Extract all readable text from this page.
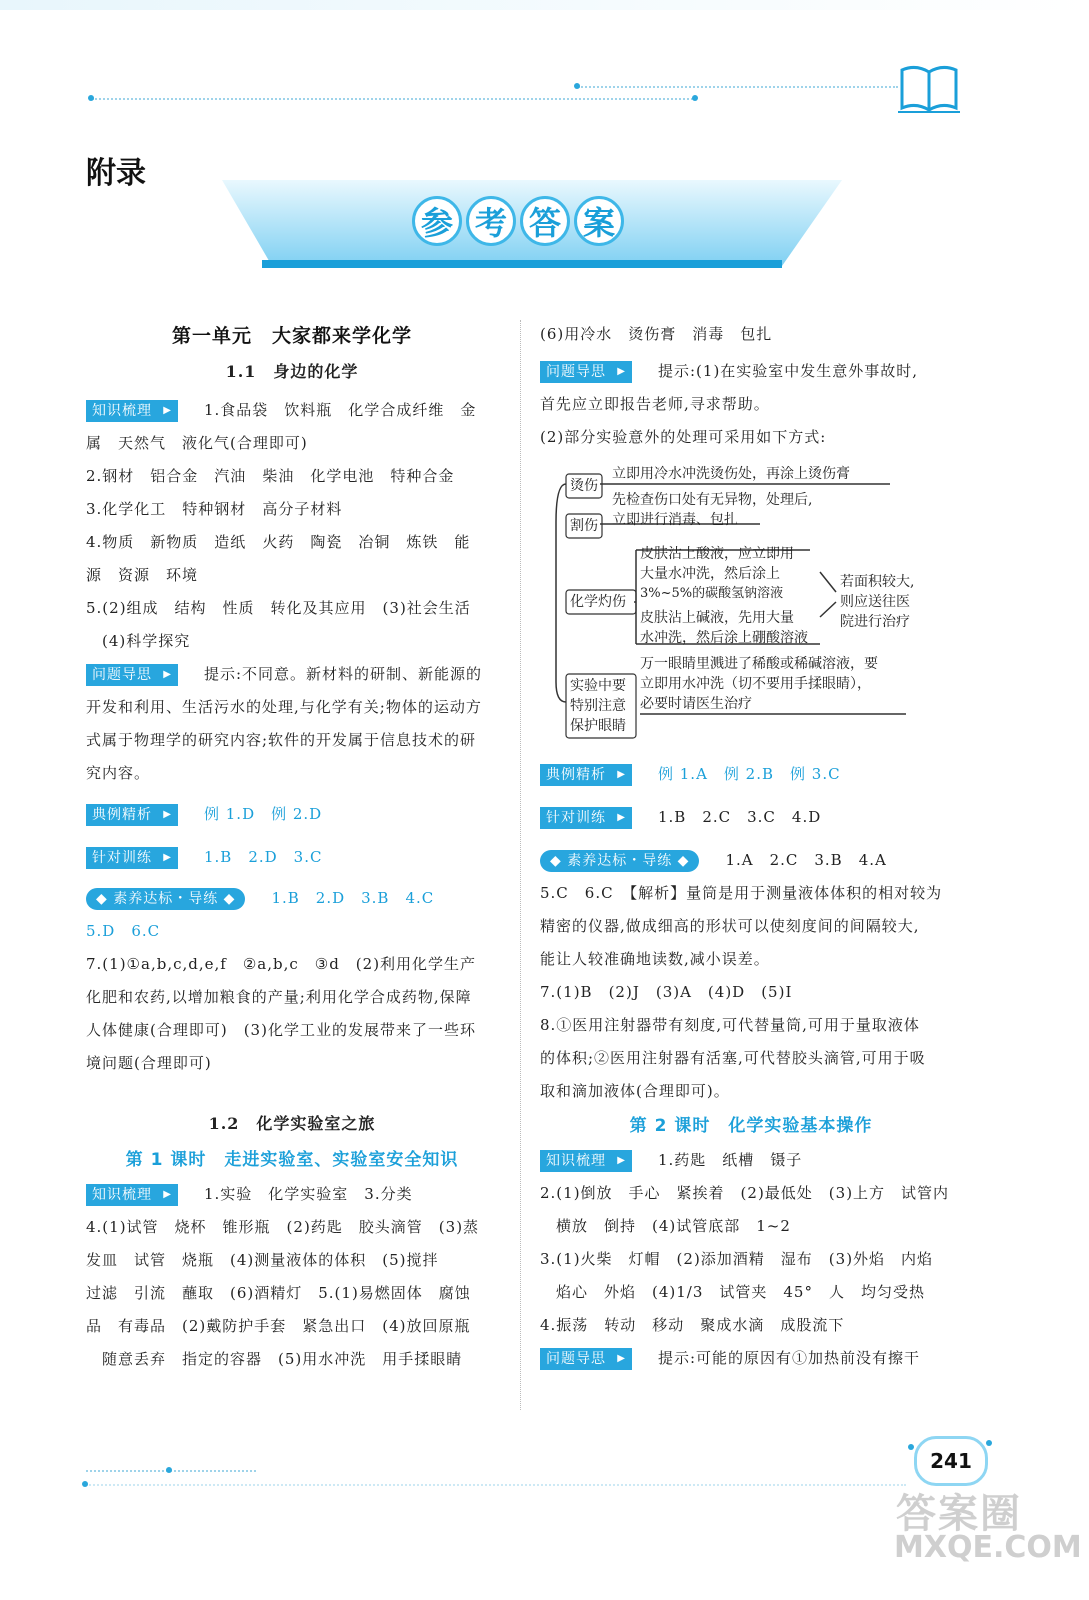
附录
参 考 答 案
第一单元　大家都来学化学
1.1　身边的化学

知识梳理 ▶	1.食品袋　饮料瓶　化学合成纤维　金

属　天然气　液化气(合理即可)

2.钢材　铝合金　汽油　柴油　化学电池　特种合金

3.化学化工　特种钢材　高分子材料

4.物质　新物质　造纸　火药　陶瓷　冶铜　炼铁　能

源　资源　环境

5.(2)组成　结构　性质　转化及其应用　(3)社会生活

(4)科学探究

问题导思 ▶	提示:不同意。新材料的研制、新能源的

开发和利用、生活污水的处理,与化学有关;物体的运动方

式属于物理学的研究内容;软件的开发属于信息技术的研

究内容。

典例精析 ▶	例 1.D　例 2.D

针对训练 ▶	1.B　2.D　3.C

◆ 素养达标・导练 ◆ 1.B　2.D　3.B　4.C

5.D　6.C

7.(1)①a,b,c,d,e,f　②a,b,c　③d　(2)利用化学生产

化肥和农药,以增加粮食的产量;利用化学合成药物,保障

人体健康(合理即可)　(3)化学工业的发展带来了一些环

境问题(合理即可)

1.2　化学实验室之旅
第 1 课时　走进实验室、实验室安全知识

知识梳理 ▶	1.实验　化学实验室　3.分类

4.(1)试管　烧杯　锥形瓶　(2)药匙　胶头滴管　(3)蒸

发皿　试管　烧瓶　(4)测量液体的体积　(5)搅拌

过滤　引流　蘸取　(6)酒精灯　5.(1)易燃固体　腐蚀

品　有毒品　(2)戴防护手套　紧急出口　(4)放回原瓶

随意丢弃　指定的容器　(5)用水冲洗　用手揉眼睛

(6)用冷水　烫伤膏　消毒　包扎

问题导思 ▶	提示:(1)在实验室中发生意外事故时,

首先应立即报告老师,寻求帮助。

(2)部分实验意外的处理可采用如下方式:

烫伤
立即用冷水冲洗烫伤处，再涂上烫伤膏
先检查伤口处有无异物，处理后,
割伤 立即进行消毒、包扎
化学灼伤
皮肤沾上酸液，应立即用
大量水冲洗，然后涂上
3%~5%的碳酸氢钠溶液
皮肤沾上碱液，先用大量
水冲洗，然后涂上硼酸溶液
若面积较大,
则应送往医
院进行治疗
万一眼睛里溅进了稀酸或稀碱溶液，要
立即用水冲洗（切不要用手揉眼睛），
必要时请医生治疗
实验中要
特别注意
保护眼睛

典例精析 ▶	例 1.A　例 2.B　例 3.C

针对训练 ▶	1.B　2.C　3.C　4.D

◆ 素养达标・导练 ◆ 1.A　2.C　3.B　4.A

5.C　6.C　【解析】量筒是用于测量液体体积的相对较为

精密的仪器,做成细高的形状可以使刻度间的间隔较大,

能让人较准确地读数,减小误差。

7.(1)B　(2)J　(3)A　(4)D　(5)I

8.①医用注射器带有刻度,可代替量筒,可用于量取液体

的体积;②医用注射器有活塞,可代替胶头滴管,可用于吸

取和滴加液体(合理即可)。

第 2 课时　化学实验基本操作

知识梳理 ▶	1.药匙　纸槽　镊子

2.(1)倒放　手心　紧挨着　(2)最低处　(3)上方　试管内

横放　倒持　(4)试管底部　1~2

3.(1)火柴　灯帽　(2)添加酒精　湿布　(3)外焰　内焰

焰心　外焰　(4)1/3　试管夹　45°　人　均匀受热

4.振荡　转动　移动　聚成水滴　成股流下

问题导思 ▶	提示:可能的原因有①加热前没有擦干

241
答案圈
MXQE.COM
